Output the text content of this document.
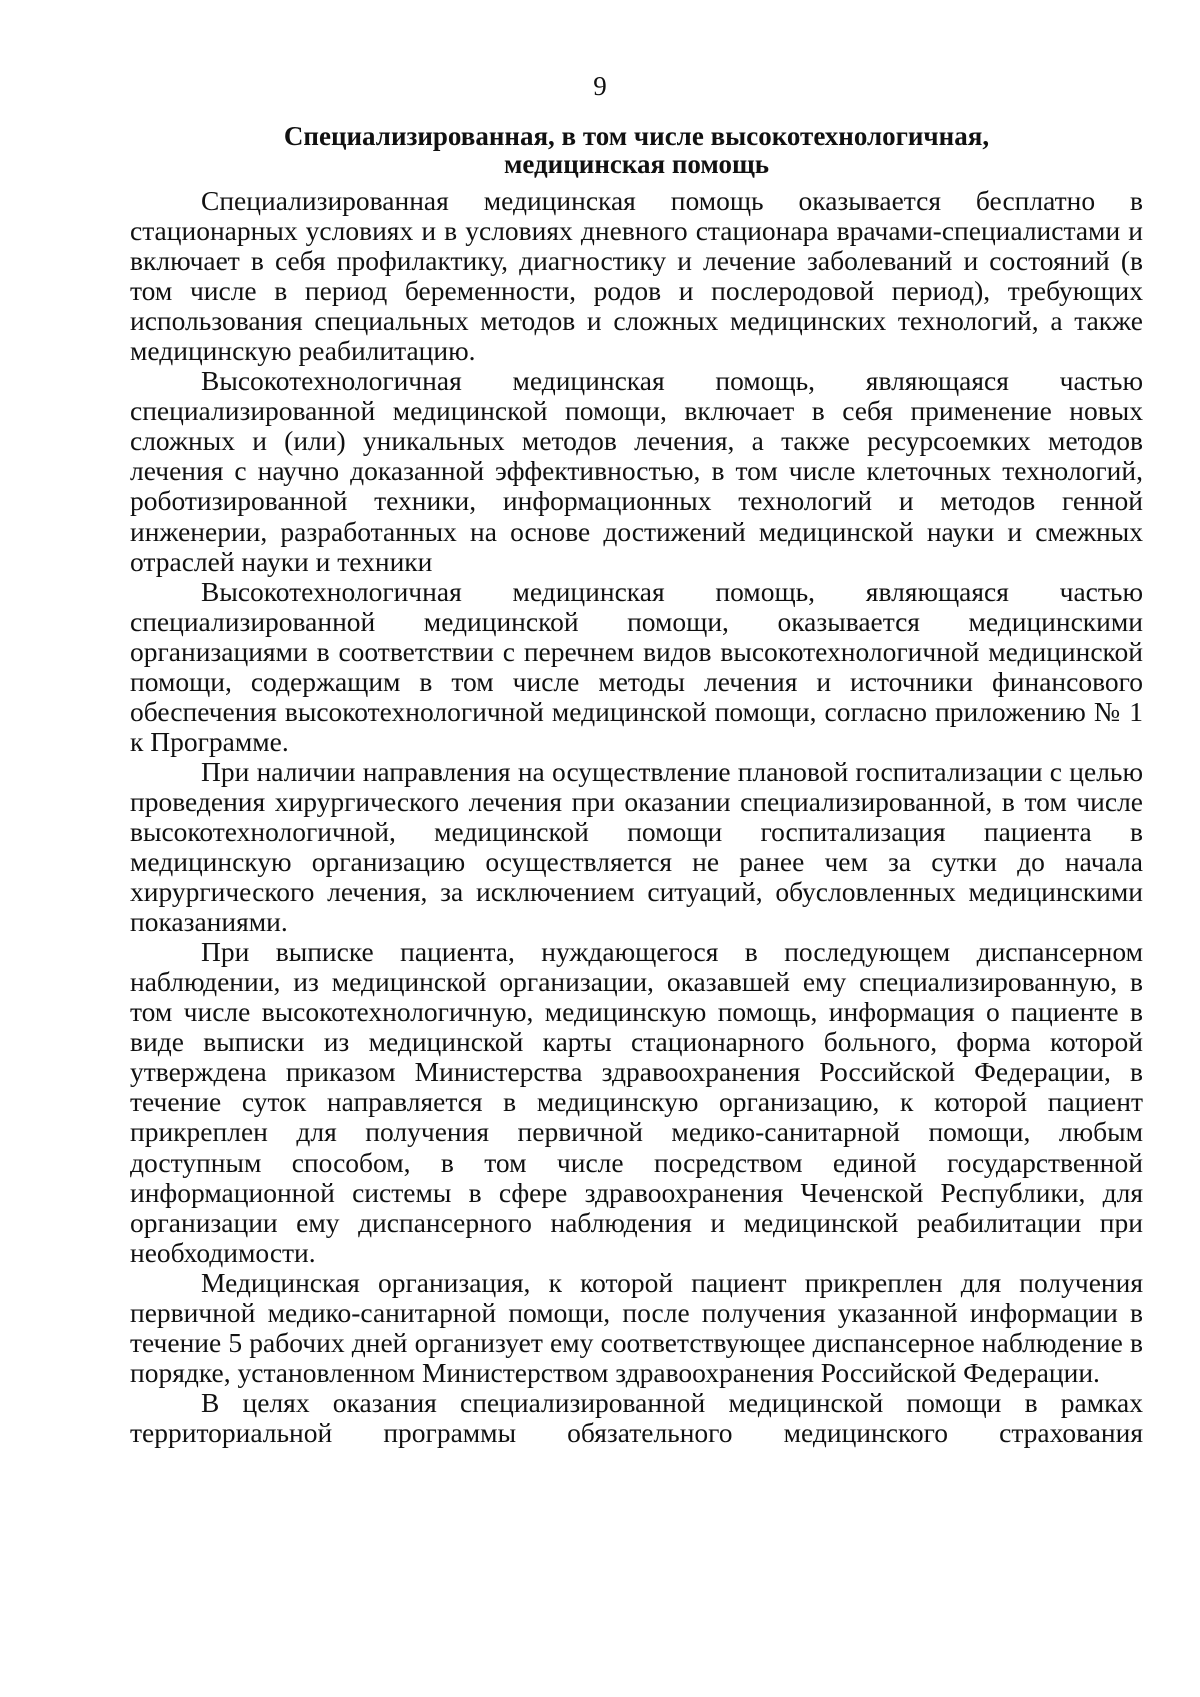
9
Специализированная, в том числе высокотехнологичная,
медицинская помощь

Специализированная медицинская помощь оказывается бесплатно в стационарных условиях и в условиях дневного стационара врачами-специалистами и включает в себя профилактику, диагностику и лечение заболеваний и состояний (в том числе в период беременности, родов и послеродовой период), требующих использования специальных методов и сложных медицинских технологий, а также медицинскую реабилитацию.

Высокотехнологичная медицинская помощь, являющаяся частью специализированной медицинской помощи, включает в себя применение новых сложных и (или) уникальных методов лечения, а также ресурсоемких методов лечения с научно доказанной эффективностью, в том числе клеточных технологий, роботизированной техники, информационных технологий и методов генной инженерии, разработанных на основе достижений медицинской науки и смежных отраслей науки и техники

Высокотехнологичная медицинская помощь, являющаяся частью специализированной медицинской помощи, оказывается медицинскими организациями в соответствии с перечнем видов высокотехнологичной медицинской помощи, содержащим в том числе методы лечения и источники финансового обеспечения высокотехнологичной медицинской помощи, согласно приложению № 1 к Программе.

При наличии направления на осуществление плановой госпитализации с целью проведения хирургического лечения при оказании специализированной, в том числе высокотехнологичной, медицинской помощи госпитализация пациента в медицинскую организацию осуществляется не ранее чем за сутки до начала хирургического лечения, за исключением ситуаций, обусловленных медицинскими показаниями.

При выписке пациента, нуждающегося в последующем диспансерном наблюдении, из медицинской организации, оказавшей ему специализированную, в том числе высокотехнологичную, медицинскую помощь, информация о пациенте в виде выписки из медицинской карты стационарного больного, форма которой утверждена приказом Министерства здравоохранения Российской Федерации, в течение суток направляется в медицинскую организацию, к которой пациент прикреплен для получения первичной медико-санитарной помощи, любым доступным способом, в том числе посредством единой государственной информационной системы в сфере здравоохранения Чеченской Республики, для организации ему диспансерного наблюдения и медицинской реабилитации при необходимости.

Медицинская организация, к которой пациент прикреплен для получения первичной медико-санитарной помощи, после получения указанной информации в течение 5 рабочих дней организует ему соответствующее диспансерное наблюдение в порядке, установленном Министерством здравоохранения Российской Федерации.

В целях оказания специализированной медицинской помощи в рамках территориальной программы обязательного медицинского страхования
